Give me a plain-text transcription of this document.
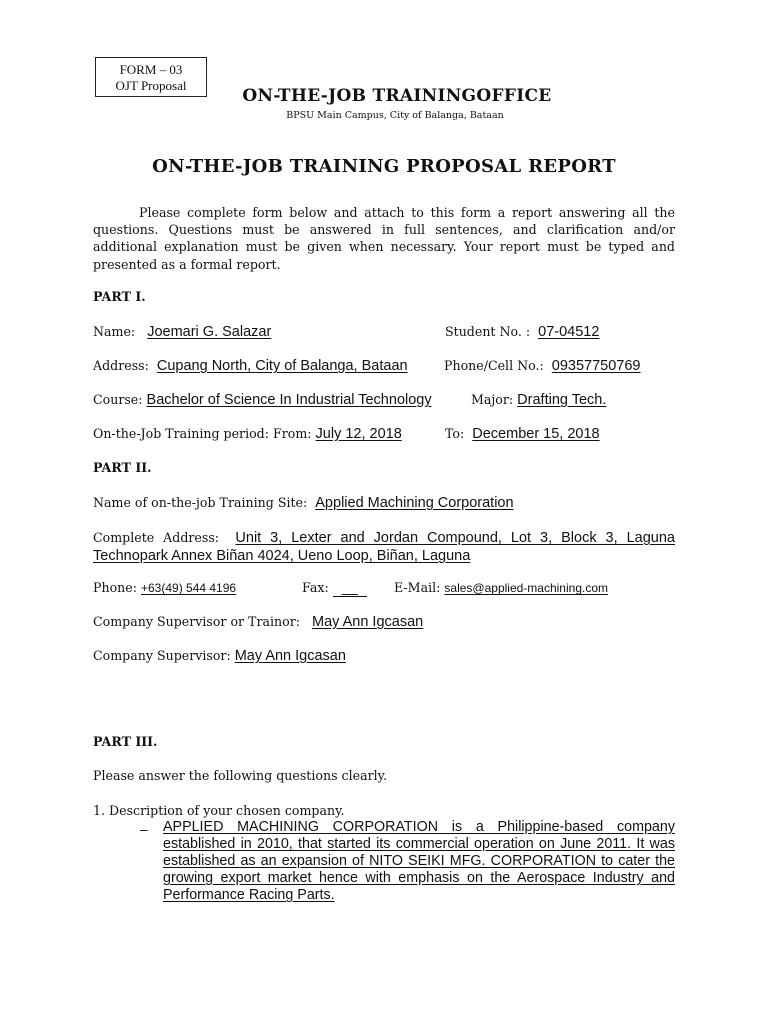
FORM – 03
OJT Proposal
ON-THE-JOB TRAININGOFFICE
BPSU Main Campus, City of Balanga, Bataan
ON-THE-JOB TRAINING PROPOSAL REPORT
Please complete form below and attach to this form a report answering all the questions. Questions must be answered in full sentences, and clarification and/or additional explanation must be given when necessary. Your report must be typed and presented as a formal report.
PART I.
Name: Joemari G. Salazar	Student No. : 07-04512
Address: Cupang North, City of Balanga, Bataan	Phone/Cell No.: 09357750769
Course: Bachelor of Science In Industrial Technology	Major: Drafting Tech.
On-the-Job Training period: From: July 12, 2018	To: December 15, 2018
PART II.
Name of on-the-job Training Site: Applied Machining Corporation
Complete Address: Unit 3, Lexter and Jordan Compound, Lot 3, Block 3, Laguna Technopark Annex Biñan 4024, Ueno Loop, Biñan, Laguna
Phone: +63(49) 544 4196	Fax: __	E-Mail: sales@applied-machining.com
Company Supervisor or Trainor: May Ann Igcasan
Company Supervisor: May Ann Igcasan
PART III.
Please answer the following questions clearly.
1. Description of your chosen company.
– APPLIED MACHINING CORPORATION is a Philippine-based company established in 2010, that started its commercial operation on June 2011. It was established as an expansion of NITO SEIKI MFG. CORPORATION to cater the growing export market hence with emphasis on the Aerospace Industry and Performance Racing Parts.
